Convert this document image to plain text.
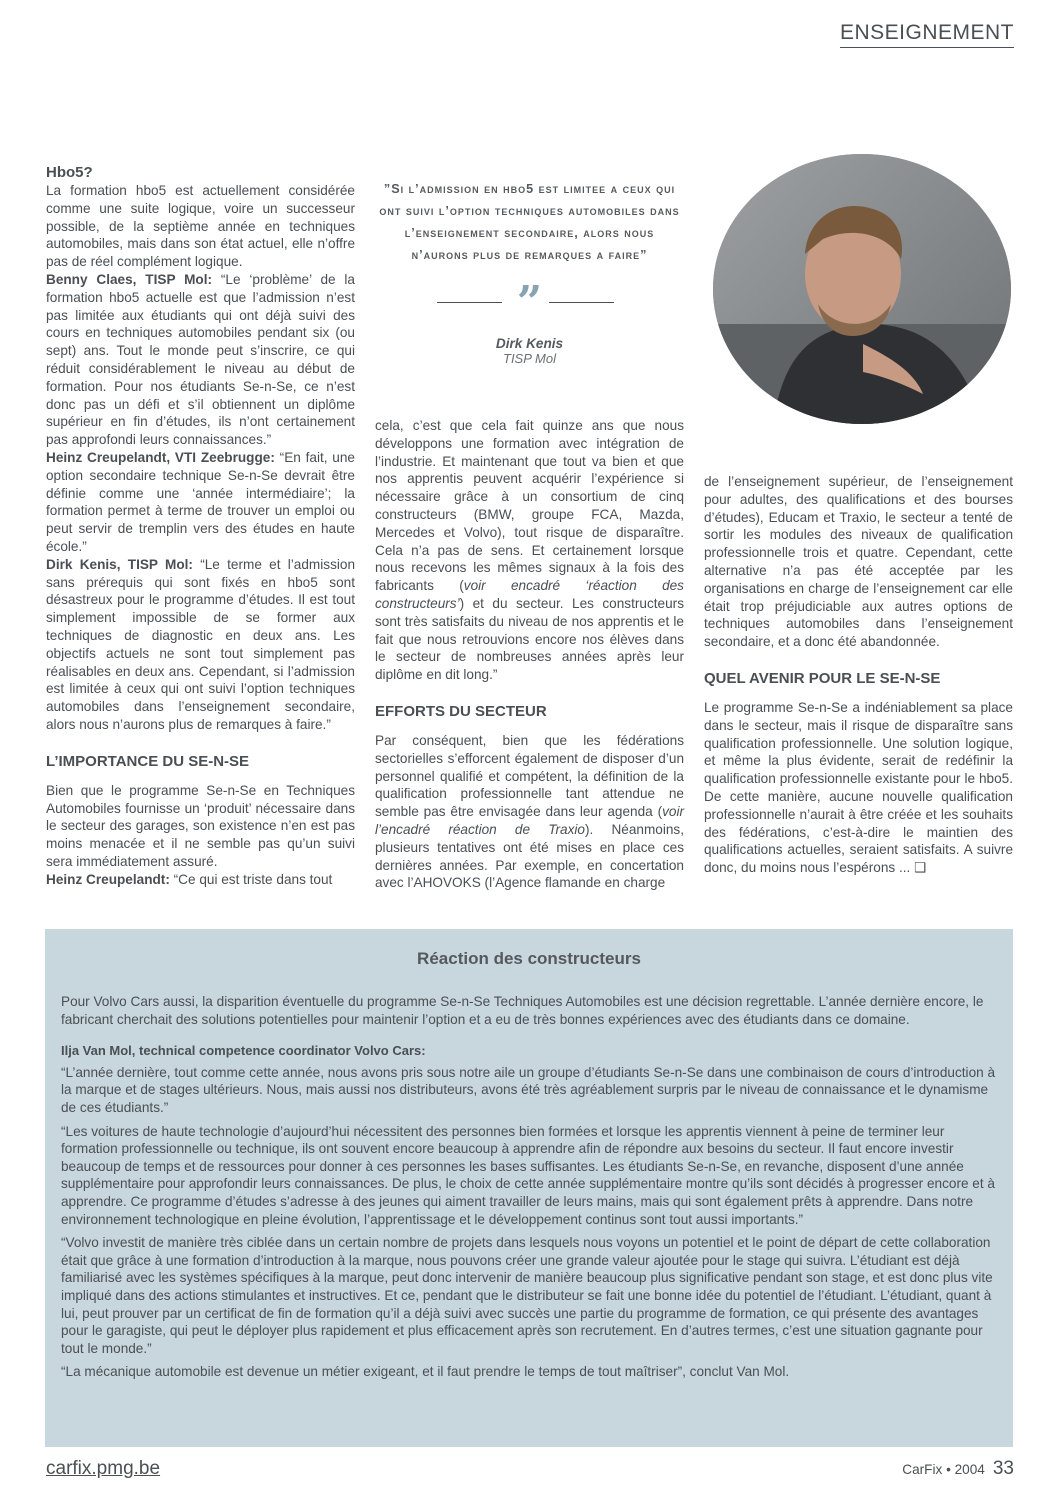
ENSEIGNEMENT

Hbo5?

La formation hbo5 est actuellement considérée comme une suite logique, voire un successeur possible, de la septième année en techniques automobiles, mais dans son état actuel, elle n’offre pas de réel complément logique.

Benny Claes, TISP Mol: “Le ‘problème’ de la formation hbo5 actuelle est que l’admission n’est pas limitée aux étudiants qui ont déjà suivi des cours en techniques automobiles pendant six (ou sept) ans. Tout le monde peut s’inscrire, ce qui réduit considérablement le niveau au début de formation. Pour nos étudiants Se-n-Se, ce n’est donc pas un défi et s’il obtiennent un diplôme supérieur en fin d’études, ils n’ont certainement pas approfondi leurs connaissances.”

Heinz Creupelandt, VTI Zeebrugge: “En fait, une option secondaire technique Se-n-Se devrait être définie comme une ‘année intermédiaire’; la formation permet à terme de trouver un emploi ou peut servir de tremplin vers des études en haute école.”

Dirk Kenis, TISP Mol: “Le terme et l’admission sans prérequis qui sont fixés en hbo5 sont désastreux pour le programme d’études. Il est tout simplement impossible de se former aux techniques de diagnostic en deux ans. Les objectifs actuels ne sont tout simplement pas réalisables en deux ans. Cependant, si l’admission est limitée à ceux qui ont suivi l’option techniques automobiles dans l’enseignement secondaire, alors nous n’aurons plus de remarques à faire.”

L’IMPORTANCE DU SE-N-SE

Bien que le programme Se-n-Se en Techniques Automobiles fournisse un ‘produit’ nécessaire dans le secteur des garages, son existence n’en est pas moins menacée et il ne semble pas qu’un suivi sera immédiatement assuré.

Heinz Creupelandt: “Ce qui est triste dans tout

”Si l’admission en hbo5 est limitee a ceux qui ont suivi l’option techniques automobiles dans l’enseignement secondaire, alors nous n’aurons plus de remarques a faire”
”
Dirk Kenis
TISP Mol

cela, c’est que cela fait quinze ans que nous développons une formation avec intégration de l’industrie. Et maintenant que tout va bien et que nos apprentis peuvent acquérir l’expérience si nécessaire grâce à un consortium de cinq constructeurs (BMW, groupe FCA, Mazda, Mercedes et Volvo), tout risque de disparaître. Cela n’a pas de sens. Et certainement lorsque nous recevons les mêmes signaux à la fois des fabricants (voir encadré ‘réaction des constructeurs’) et du secteur. Les constructeurs sont très satisfaits du niveau de nos apprentis et le fait que nous retrouvions encore nos élèves dans le secteur de nombreuses années après leur diplôme en dit long.”

EFFORTS DU SECTEUR

Par conséquent, bien que les fédérations sectorielles s’efforcent également de disposer d’un personnel qualifié et compétent, la définition de la qualification professionnelle tant attendue ne semble pas être envisagée dans leur agenda (voir l’encadré réaction de Traxio). Néanmoins, plusieurs tentatives ont été mises en place ces dernières années. Par exemple, en concertation avec l’AHOVOKS (l’Agence flamande en charge

de l’enseignement supérieur, de l’enseignement pour adultes, des qualifications et des bourses d’études), Educam et Traxio, le secteur a tenté de sortir les modules des niveaux de qualification professionnelle trois et quatre. Cependant, cette alternative n’a pas été acceptée par les organisations en charge de l’enseignement car elle était trop préjudiciable aux autres options de techniques automobiles dans l’enseignement secondaire, et a donc été abandonnée.

QUEL AVENIR POUR LE SE-N-SE

Le programme Se-n-Se a indéniablement sa place dans le secteur, mais il risque de disparaître sans qualification professionnelle. Une solution logique, et même la plus évidente, serait de redéfinir la qualification professionnelle existante pour le hbo5. De cette manière, aucune nouvelle qualification professionnelle n’aurait à être créée et les souhaits des fédérations, c’est-à-dire le maintien des qualifications actuelles, seraient satisfaits. A suivre donc, du moins nous l’espérons ... ❑

Réaction des constructeurs

Pour Volvo Cars aussi, la disparition éventuelle du programme Se-n-Se Techniques Automobiles est une décision regrettable. L’année dernière encore, le fabricant cherchait des solutions potentielles pour maintenir l’option et a eu de très bonnes expériences avec des étudiants dans ce domaine.

Ilja Van Mol, technical competence coordinator Volvo Cars:

“L’année dernière, tout comme cette année, nous avons pris sous notre aile un groupe d’étudiants Se-n-Se dans une combinaison de cours d’introduction à la marque et de stages ultérieurs. Nous, mais aussi nos distributeurs, avons été très agréablement surpris par le niveau de connaissance et le dynamisme de ces étudiants.”

“Les voitures de haute technologie d’aujourd’hui nécessitent des personnes bien formées et lorsque les apprentis viennent à peine de terminer leur formation professionnelle ou technique, ils ont souvent encore beaucoup à apprendre afin de répondre aux besoins du secteur. Il faut encore investir beaucoup de temps et de ressources pour donner à ces personnes les bases suffisantes. Les étudiants Se-n-Se, en revanche, disposent d’une année supplémentaire pour approfondir leurs connaissances. De plus, le choix de cette année supplémentaire montre qu’ils sont décidés à progresser encore et à apprendre. Ce programme d’études s’adresse à des jeunes qui aiment travailler de leurs mains, mais qui sont également prêts à apprendre. Dans notre environnement technologique en pleine évolution, l’apprentissage et le développement continus sont tout aussi importants.”

“Volvo investit de manière très ciblée dans un certain nombre de projets dans lesquels nous voyons un potentiel et le point de départ de cette collaboration était que grâce à une formation d’introduction à la marque, nous pouvons créer une grande valeur ajoutée pour le stage qui suivra. L’étudiant est déjà familiarisé avec les systèmes spécifiques à la marque, peut donc intervenir de manière beaucoup plus significative pendant son stage, et est donc plus vite impliqué dans des actions stimulantes et instructives. Et ce, pendant que le distributeur se fait une bonne idée du potentiel de l’étudiant. L’étudiant, quant à lui, peut prouver par un certificat de fin de formation qu’il a déjà suivi avec succès une partie du programme de formation, ce qui présente des avantages pour le garagiste, qui peut le déployer plus rapidement et plus efficacement après son recrutement. En d’autres termes, c’est une situation gagnante pour tout le monde.”

“La mécanique automobile est devenue un métier exigeant, et il faut prendre le temps de tout maîtriser”, conclut Van Mol.

carfix.pmg.be	CarFix • 2004 33
